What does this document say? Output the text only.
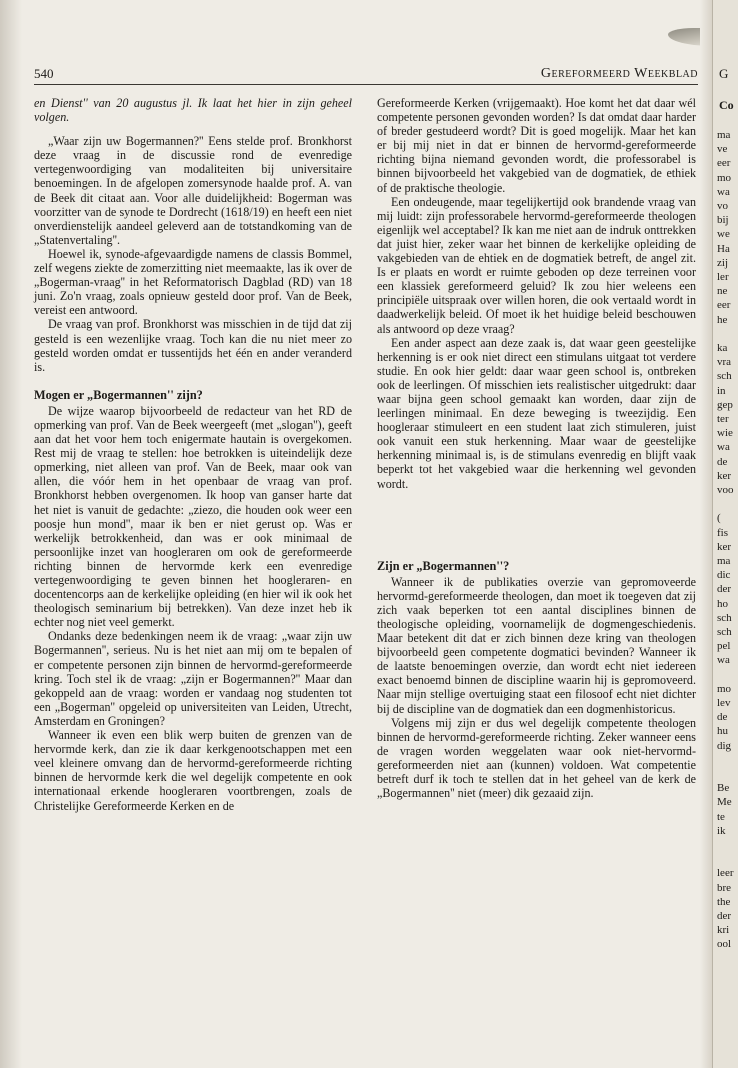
540	Gereformeerd Weekblad

en Dienst'' van 20 augustus jl. Ik laat het hier in zijn geheel volgen.

„Waar zijn uw Bogermannen?'' Eens stelde prof. Bronkhorst deze vraag in de discussie rond de evenredige vertegenwoordiging van modaliteiten bij universitaire benoemingen. In de afgelopen zomersynode haalde prof. A. van de Beek dit citaat aan. Voor alle duidelijkheid: Bogerman was voorzitter van de synode te Dordrecht (1618/19) en heeft een niet onverdienstelijk aandeel geleverd aan de totstandkoming van de „Statenvertaling''.

Hoewel ik, synode-afgevaardigde namens de classis Bommel, zelf wegens ziekte de zomerzitting niet meemaakte, las ik over de „Bogerman-vraag'' in het Reformatorisch Dagblad (RD) van 18 juni. Zo'n vraag, zoals opnieuw gesteld door prof. Van de Beek, vereist een antwoord.

De vraag van prof. Bronkhorst was misschien in de tijd dat zij gesteld is een wezenlijke vraag. Toch kan die nu niet meer zo gesteld worden omdat er tussentijds het één en ander veranderd is.

Mogen er „Bogermannen'' zijn?

De wijze waarop bijvoorbeeld de redacteur van het RD de opmerking van prof. Van de Beek weergeeft (met „slogan''), geeft aan dat het voor hem toch enigermate hautain is overgekomen. Rest mij de vraag te stellen: hoe betrokken is uiteindelijk deze opmerking, niet alleen van prof. Van de Beek, maar ook van allen, die vóór hem in het openbaar de vraag van prof. Bronkhorst hebben overgenomen. Ik hoop van ganser harte dat het niet is vanuit de gedachte: „ziezo, die houden ook weer een poosje hun mond'', maar ik ben er niet gerust op. Was er werkelijk betrokkenheid, dan was er ook minimaal de persoonlijke inzet van hoogleraren om ook de gereformeerde richting binnen de hervormde kerk een evenredige vertegenwoordiging te geven binnen het hoogleraren- en docentencorps aan de kerkelijke opleiding (en hier wil ik ook het theologisch seminarium bij betrekken). Van deze inzet heb ik echter nog niet veel gemerkt.

Ondanks deze bedenkingen neem ik de vraag: „waar zijn uw Bogermannen'', serieus. Nu is het niet aan mij om te bepalen of er competente personen zijn binnen de hervormd-gereformeerde kring. Toch stel ik de vraag: „zijn er Bogermannen?'' Maar dan gekoppeld aan de vraag: worden er vandaag nog studenten tot een „Bogerman'' opgeleid op universiteiten van Leiden, Utrecht, Amsterdam en Groningen?

Wanneer ik even een blik werp buiten de grenzen van de hervormde kerk, dan zie ik daar kerkgenootschappen met een veel kleinere omvang dan de hervormd-gereformeerde richting binnen de hervormde kerk die wel degelijk competente en ook internationaal erkende hoogleraren voortbrengen, zoals de Christelijke Gereformeerde Kerken en de

Gereformeerde Kerken (vrijgemaakt). Hoe komt het dat daar wél competente personen gevonden worden? Is dat omdat daar harder of breder gestudeerd wordt? Dit is goed mogelijk. Maar het kan er bij mij niet in dat er binnen de hervormd-gereformeerde richting bijna niemand gevonden wordt, die professorabel is binnen bijvoorbeeld het vakgebied van de dogmatiek, de ethiek of de praktische theologie.

Een ondeugende, maar tegelijkertijd ook brandende vraag van mij luidt: zijn professorabele hervormd-gereformeerde theologen eigenlijk wel acceptabel? Ik kan me niet aan de indruk onttrekken dat juist hier, zeker waar het binnen de kerkelijke opleiding de vakgebieden van de ehtiek en de dogmatiek betreft, de angel zit. Is er plaats en wordt er ruimte geboden op deze terreinen voor een klassiek gereformeerd geluid? Ik zou hier weleens een principiële uitspraak over willen horen, die ook vertaald wordt in daadwerkelijk beleid. Of moet ik het huidige beleid beschouwen als antwoord op deze vraag?

Een ander aspect aan deze zaak is, dat waar geen geestelijke herkenning is er ook niet direct een stimulans uitgaat tot verdere studie. En ook hier geldt: daar waar geen school is, ontbreken ook de leerlingen. Of misschien iets realistischer uitgedrukt: daar waar bijna geen school gemaakt kan worden, daar zijn de leerlingen minimaal. En deze beweging is tweezijdig. Een hoogleraar stimuleert en een student laat zich stimuleren, juist ook vanuit een stuk herkenning. Maar waar de geestelijke herkenning minimaal is, is de stimulans evenredig en blijft vaak beperkt tot het vakgebied waar die herkenning wel gevonden wordt.

Zijn er „Bogermannen''?

Wanneer ik de publikaties overzie van gepromoveerde hervormd-gereformeerde theologen, dan moet ik toegeven dat zij zich vaak beperken tot een aantal disciplines binnen de theologische opleiding, voornamelijk de dogmengeschiedenis. Maar betekent dit dat er zich binnen deze kring van theologen bijvoorbeeld geen competente dogmatici bevinden? Wanneer ik de laatste benoemingen overzie, dan wordt echt niet iedereen exact benoemd binnen de discipline waarin hij is gepromoveerd. Naar mijn stellige overtuiging staat een filosoof echt niet dichter bij de discipline van de dogmatiek dan een dogmenhistoricus.

Volgens mij zijn er dus wel degelijk competente theologen binnen de hervormd-gereformeerde richting. Zeker wanneer eens de vragen worden weggelaten waar ook niet-hervormd-gereformeerden niet aan (kunnen) voldoen. Wat competentie betreft durf ik toch te stellen dat in het geheel van de kerk de „Bogermannen'' niet (meer) dik gezaaid zijn.

G
Co
ma
ve
eer
mo
wa
vo
bij
we
Ha
zij
ler
ne
eer
he
ka
vra
sch
in
gep
ter
wie
wa
de
ker
voo
(
fis
ker
ma
dic
der
ho
sch
sch
pel
wa
mo
lev
de
hu
dig
Be
Me
te
ik
leer
bre
the
der
kri
ool
